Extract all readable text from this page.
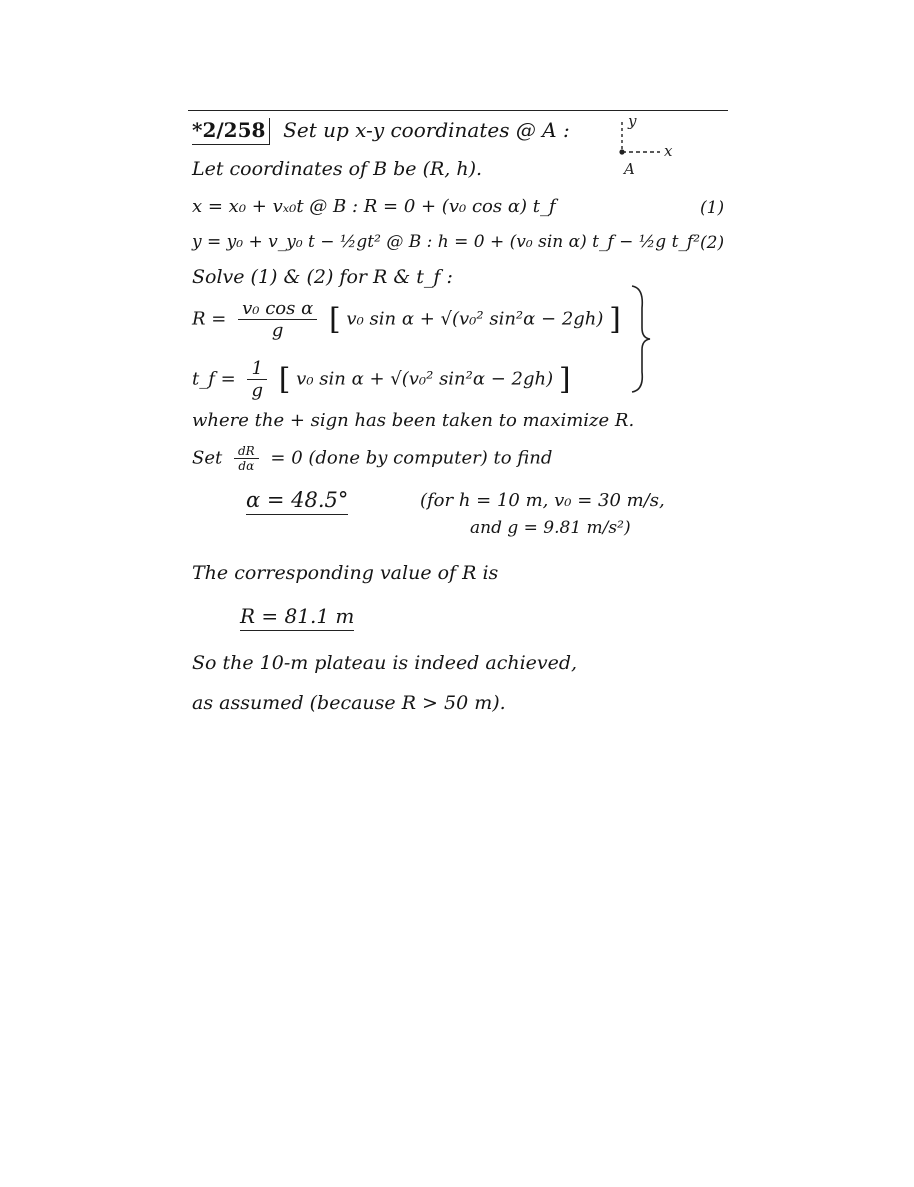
*2/258 Set up x-y coordinates @ A :	y
x
A
Let coordinates of B be (R, h).
x = x₀ + vₓ₀t @ B : R = 0 + (v₀ cos α) t_f	(1)
y = y₀ + v_y₀ t − ½gt² @ B : h = 0 + (v₀ sin α) t_f − ½g t_f² (2)
Solve (1) & (2) for R & t_f :
$R = \frac{\text{v₀ cos α}}{g}$ [ v₀ sin α + √(v₀² sin²α − 2gh) ]
t_f = $\frac{1}{g}$ [ v₀ sin α + √(v₀² sin²α − 2gh) ]
where the + sign has been taken to maximize R.
Set $\frac{dR}{d\alpha} = 0$ (done by computer) to find
α = 48.5°	(for h = 10 m, v₀ = 30 m/s,
and g = 9.81 m/s²)
The corresponding value of R is
R = 81.1 m
So the 10-m plateau is indeed achieved,
as assumed (because R > 50 m).
